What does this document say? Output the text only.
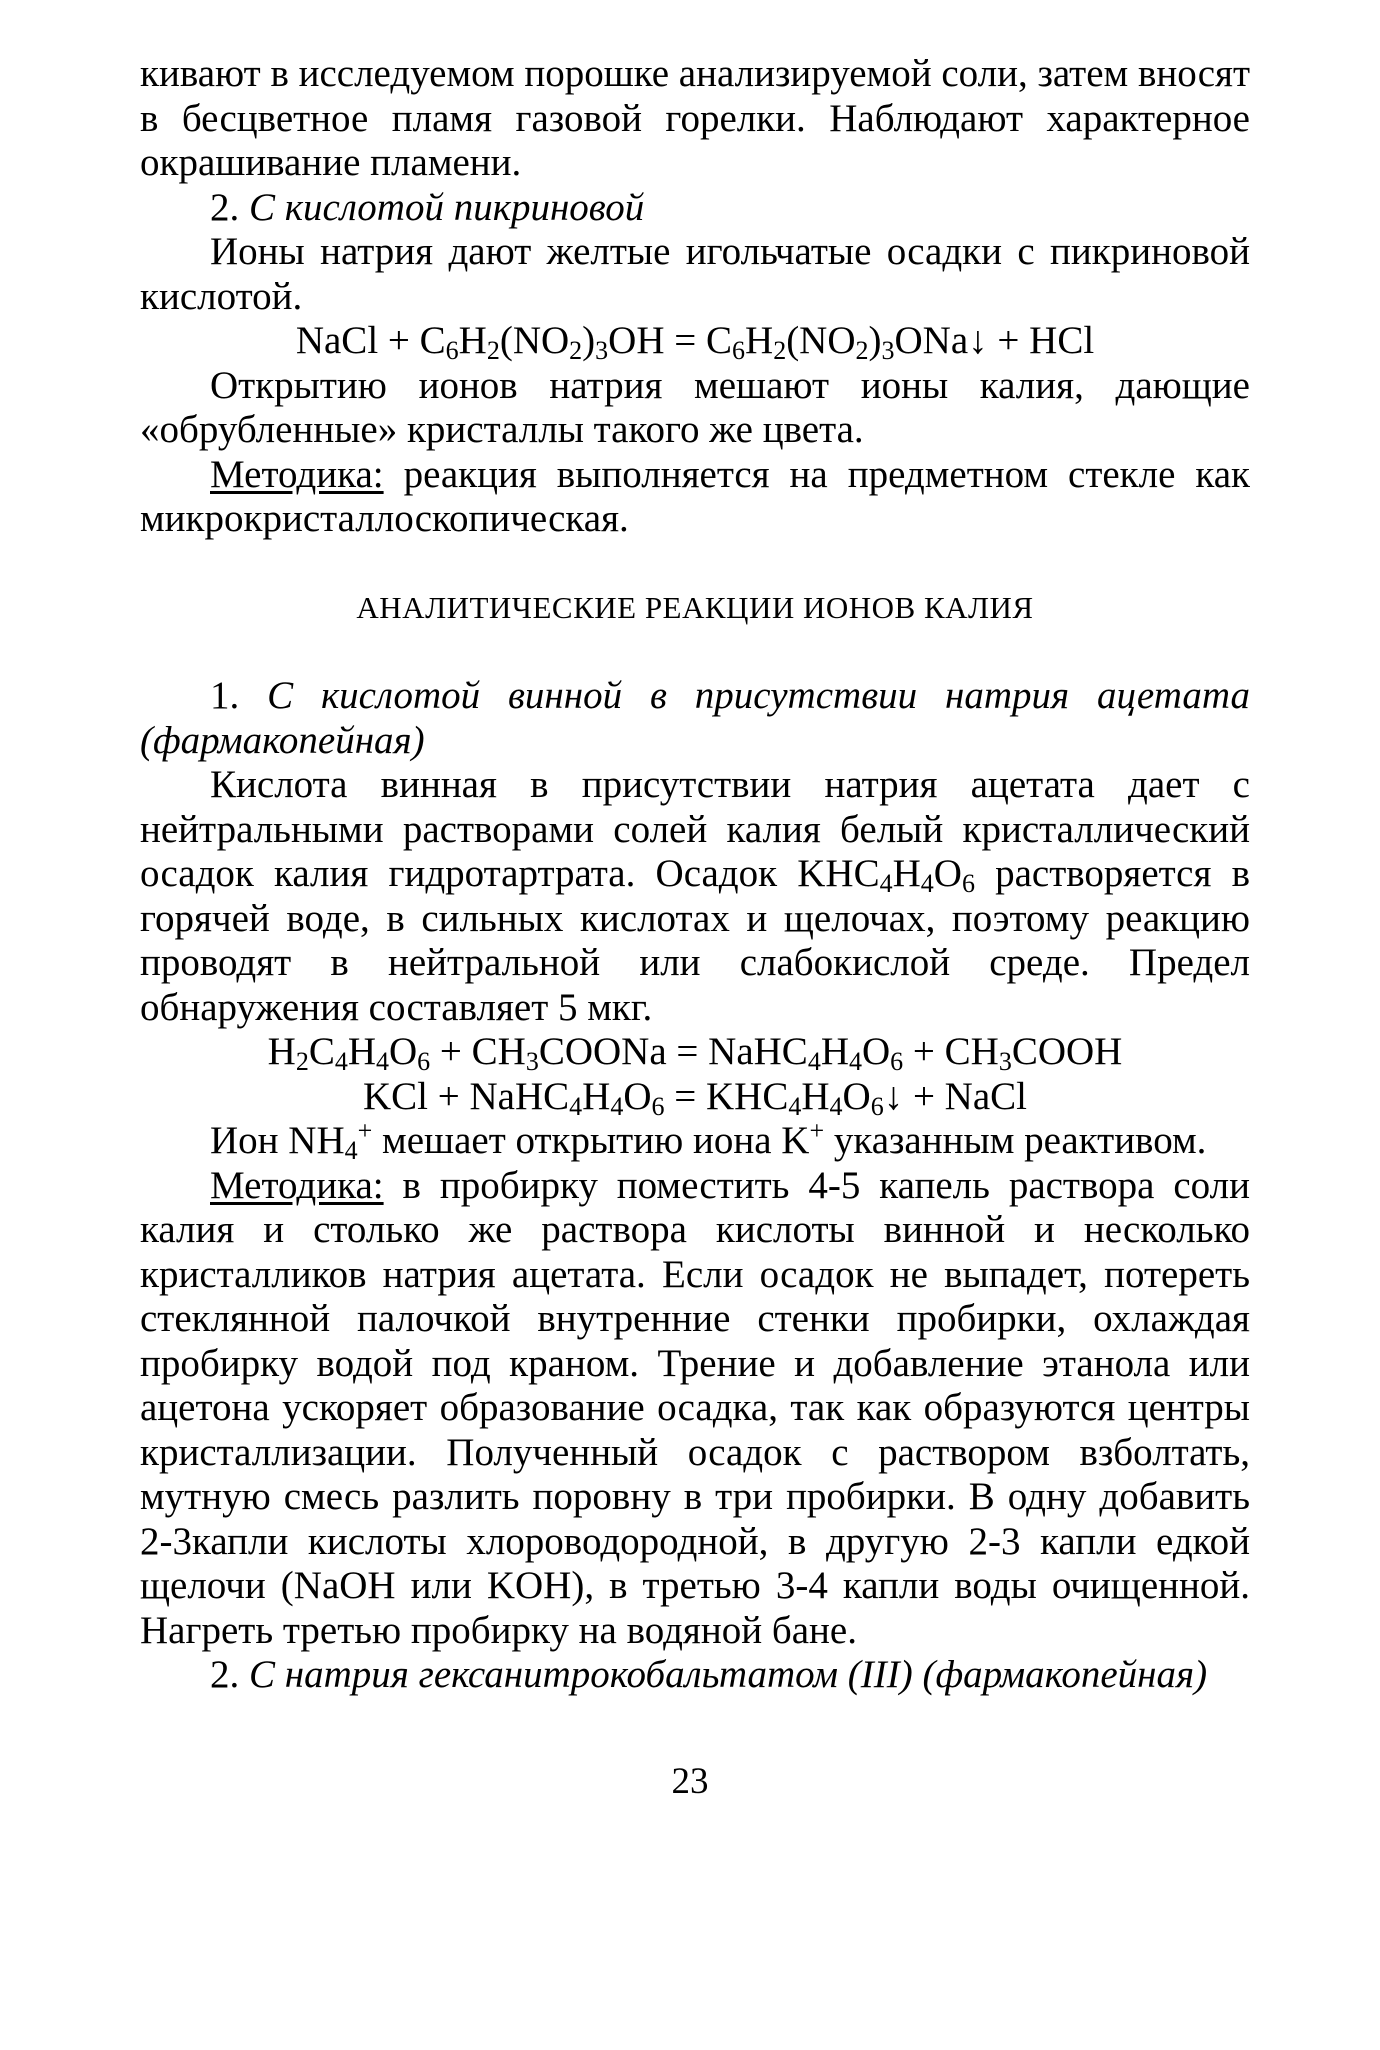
кивают в исследуемом порошке анализируемой соли, затем вносят в бесцветное пламя газовой горелки. Наблюдают характерное окрашивание пламени.

2. С кислотой пикриновой

Ионы натрия дают желтые игольчатые осадки с пикриновой кислотой.

NaCl + $C_6H_2(NO_2)_3OH$ = $C_6H_2(NO_2)_3ONa↓$ + HCl

Открытию ионов натрия мешают ионы калия, дающие «обрубленные» кристаллы такого же цвета.

Методика: реакция выполняется на предметном стекле как микрокристаллоскопическая.

АНАЛИТИЧЕСКИЕ РЕАКЦИИ ИОНОВ КАЛИЯ

1. С кислотой винной в присутствии натрия ацетата (фармакопейная)

Кислота винная в присутствии натрия ацетата дает с нейтральными растворами солей калия белый кристаллический осадок калия гидротартрата. Осадок $KHC_4H_4O_6$ растворяется в горячей воде, в сильных кислотах и щелочах, поэтому реакцию проводят в нейтральной или слабокислой среде. Предел обнаружения составляет 5 мкг.

$H_2C_4H_4O_6$ + $CH_3COONa$ = $NaHC_4H_4O_6$ + $CH_3COOH$

KCl + $NaHC_4H_4O_6$ = $KHC_4H_4O_6↓$ + NaCl

Ион $NH_4^+$ мешает открытию иона K+ указанным реактивом.

Методика: в пробирку поместить 4-5 капель раствора соли калия и столько же раствора кислоты винной и несколько кристалликов натрия ацетата. Если осадок не выпадет, потереть стеклянной палочкой внутренние стенки пробирки, охлаждая пробирку водой под краном. Трение и добавление этанола или ацетона ускоряет образование осадка, так как образуются центры кристаллизации. Полученный осадок с раствором взболтать, мутную смесь разлить поровну в три пробирки. В одну добавить 2-3капли кислоты хлороводородной, в другую 2-3 капли едкой щелочи (NaOH или KOH), в третью 3-4 капли воды очищенной. Нагреть третью пробирку на водяной бане.

2. С натрия гексанитрокобальтатом (III) (фармакопейная)

23
